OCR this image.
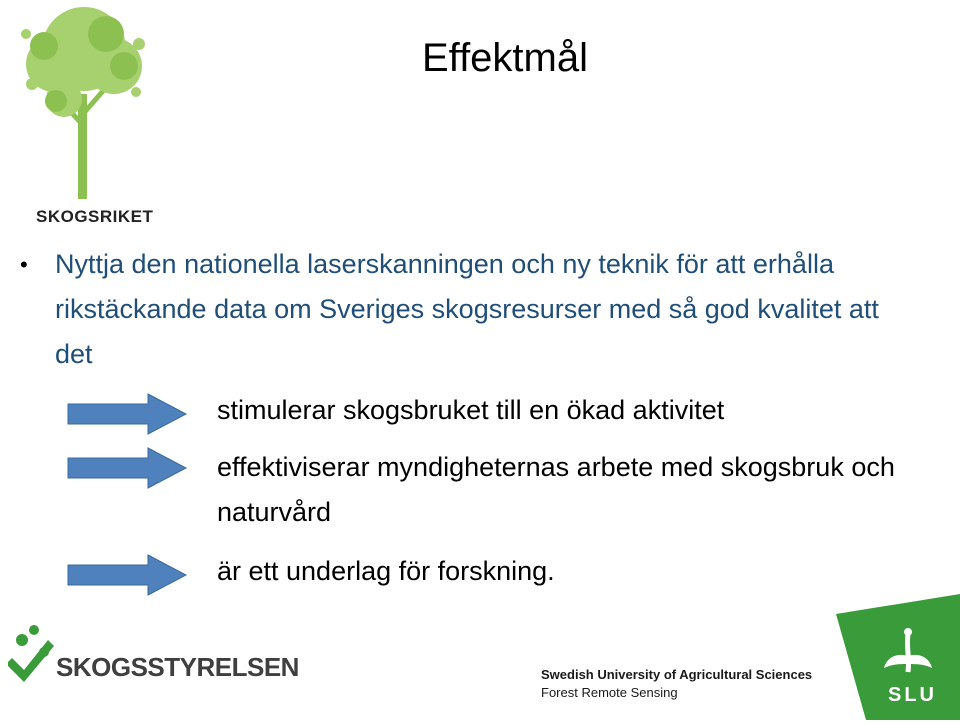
SKOGSRIKET
Effektmål
• Nyttja den nationella laserskanningen och ny teknik för att erhålla rikstäckande data om Sveriges skogsresurser med så god kvalitet att det
stimulerar skogsbruket till en ökad aktivitet
effektiviserar myndigheternas arbete med skogsbruk och naturvård
är ett underlag för forskning.
SKOGSSTYRELSEN	Swedish University of Agricultural Sciences
Forest Remote Sensing	SLU
